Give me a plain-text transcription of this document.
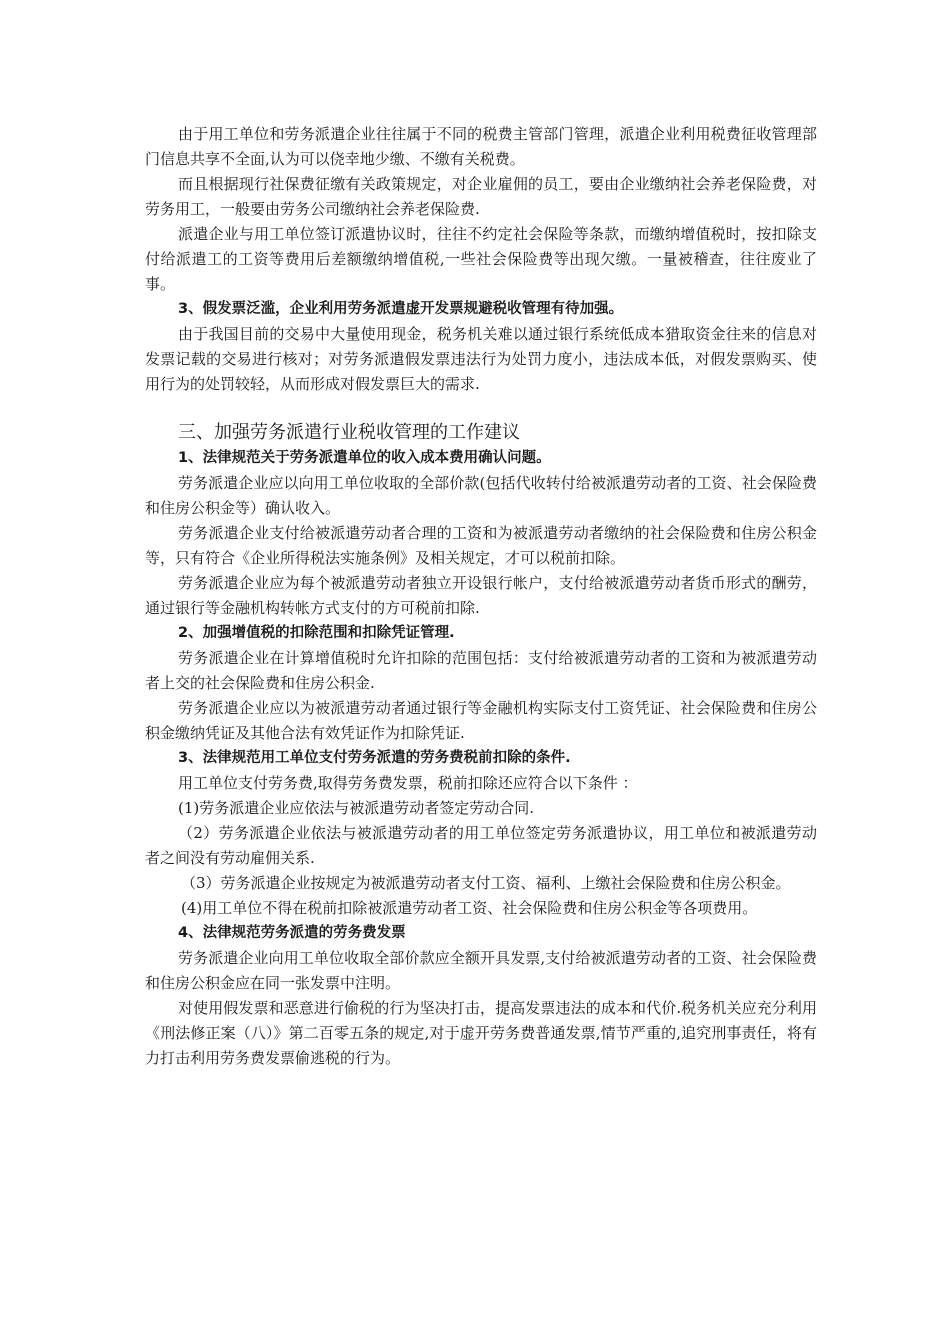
由于用工单位和劳务派遣企业往往属于不同的税费主管部门管理，派遣企业利用税费征收管理部门信息共享不全面,认为可以侥幸地少缴、不缴有关税费。

而且根据现行社保费征缴有关政策规定，对企业雇佣的员工，要由企业缴纳社会养老保险费，对劳务用工，一般要由劳务公司缴纳社会养老保险费.

派遣企业与用工单位签订派遣协议时，往往不约定社会保险等条款，而缴纳增值税时，按扣除支付给派遣工的工资等费用后差额缴纳增值税,一些社会保险费等出现欠缴。一量被稽查，往往废业了事。

3、假发票泛滥，企业利用劳务派遣虚开发票规避税收管理有待加强。

由于我国目前的交易中大量使用现金，税务机关难以通过银行系统低成本猎取资金往来的信息对发票记载的交易进行核对；对劳务派遣假发票违法行为处罚力度小，违法成本低，对假发票购买、使用行为的处罚较轻，从而形成对假发票巨大的需求.

三、加强劳务派遣行业税收管理的工作建议

1、法律规范关于劳务派遣单位的收入成本费用确认问题。

劳务派遣企业应以向用工单位收取的全部价款(包括代收转付给被派遣劳动者的工资、社会保险费和住房公积金等）确认收入。

劳务派遣企业支付给被派遣劳动者合理的工资和为被派遣劳动者缴纳的社会保险费和住房公积金等，只有符合《企业所得税法实施条例》及相关规定，才可以税前扣除。

劳务派遣企业应为每个被派遣劳动者独立开设银行帐户，支付给被派遣劳动者货币形式的酬劳，通过银行等金融机构转帐方式支付的方可税前扣除.

2、加强增值税的扣除范围和扣除凭证管理.

劳务派遣企业在计算增值税时允许扣除的范围包括：支付给被派遣劳动者的工资和为被派遣劳动者上交的社会保险费和住房公积金.

劳务派遣企业应以为被派遣劳动者通过银行等金融机构实际支付工资凭证、社会保险费和住房公积金缴纳凭证及其他合法有效凭证作为扣除凭证.

3、法律规范用工单位支付劳务派遣的劳务费税前扣除的条件.

用工单位支付劳务费,取得劳务费发票，税前扣除还应符合以下条件 ：

(1)劳务派遣企业应依法与被派遣劳动者签定劳动合同.

（2）劳务派遣企业依法与被派遣劳动者的用工单位签定劳务派遣协议，用工单位和被派遣劳动者之间没有劳动雇佣关系.

（3）劳务派遣企业按规定为被派遣劳动者支付工资、福利、上缴社会保险费和住房公积金。

(4)用工单位不得在税前扣除被派遣劳动者工资、社会保险费和住房公积金等各项费用。

4、法律规范劳务派遣的劳务费发票

劳务派遣企业向用工单位收取全部价款应全额开具发票,支付给被派遣劳动者的工资、社会保险费和住房公积金应在同一张发票中注明。

对使用假发票和恶意进行偷税的行为坚决打击，提高发票违法的成本和代价.税务机关应充分利用《刑法修正案（八）》第二百零五条的规定,对于虚开劳务费普通发票,情节严重的,追究刑事责任，将有力打击利用劳务费发票偷逃税的行为。
